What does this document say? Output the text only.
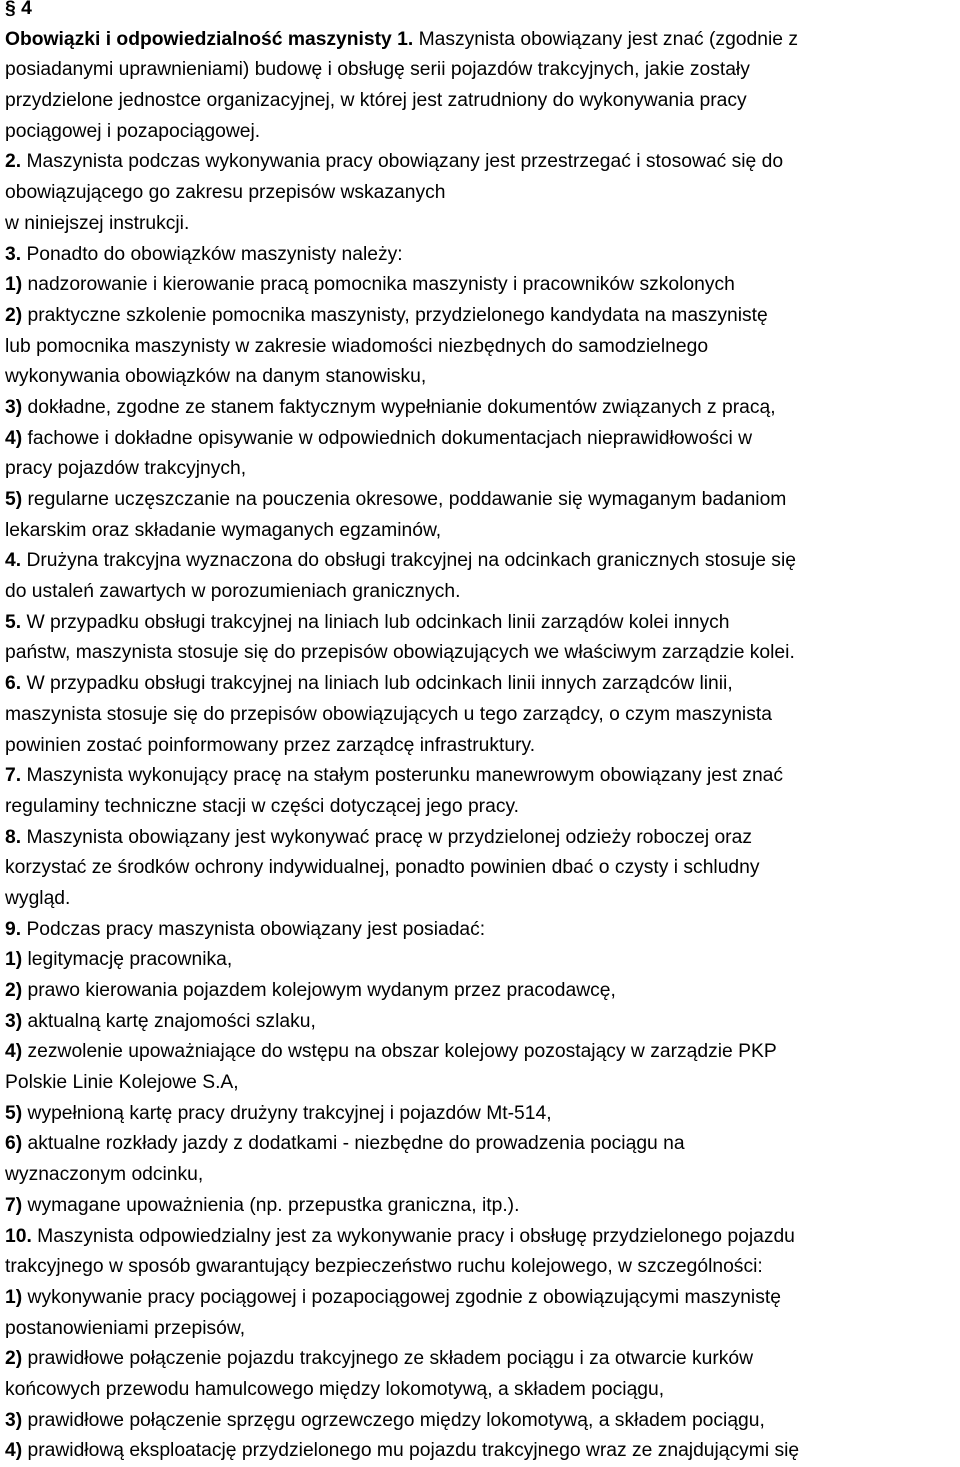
§ 4
Obowiązki i odpowiedzialność maszynisty 1. Maszynista obowiązany jest znać (zgodnie z
posiadanymi uprawnieniami) budowę i obsługę serii pojazdów trakcyjnych, jakie zostały
przydzielone jednostce organizacyjnej, w której jest zatrudniony do wykonywania pracy
pociągowej i pozapociągowej.
2. Maszynista podczas wykonywania pracy obowiązany jest przestrzegać i stosować się do
obowiązującego go zakresu przepisów wskazanych
w niniejszej instrukcji.
3. Ponadto do obowiązków maszynisty należy:
1) nadzorowanie i kierowanie pracą pomocnika maszynisty i pracowników szkolonych
2) praktyczne szkolenie pomocnika maszynisty, przydzielonego kandydata na maszynistę
lub pomocnika maszynisty w zakresie wiadomości niezbędnych do samodzielnego
wykonywania obowiązków na danym stanowisku,
3) dokładne, zgodne ze stanem faktycznym wypełnianie dokumentów związanych z pracą,
4) fachowe i dokładne opisywanie w odpowiednich dokumentacjach nieprawidłowości w
pracy pojazdów trakcyjnych,
5) regularne uczęszczanie na pouczenia okresowe, poddawanie się wymaganym badaniom
lekarskim oraz składanie wymaganych egzaminów,
4. Drużyna trakcyjna wyznaczona do obsługi trakcyjnej na odcinkach granicznych stosuje się
do ustaleń zawartych w porozumieniach granicznych.
5. W przypadku obsługi trakcyjnej na liniach lub odcinkach linii zarządów kolei innych
państw, maszynista stosuje się do przepisów obowiązujących we właściwym zarządzie kolei.
6. W przypadku obsługi trakcyjnej na liniach lub odcinkach linii innych zarządców linii,
maszynista stosuje się do przepisów obowiązujących u tego zarządcy, o czym maszynista
powinien zostać poinformowany przez zarządcę infrastruktury.
7. Maszynista wykonujący pracę na stałym posterunku manewrowym obowiązany jest znać
regulaminy techniczne stacji w części dotyczącej jego pracy.
8. Maszynista obowiązany jest wykonywać pracę w przydzielonej odzieży roboczej oraz
korzystać ze środków ochrony indywidualnej, ponadto powinien dbać o czysty i schludny
wygląd.
9. Podczas pracy maszynista obowiązany jest posiadać:
1) legitymację pracownika,
2) prawo kierowania pojazdem kolejowym wydanym przez pracodawcę,
3) aktualną kartę znajomości szlaku,
4) zezwolenie upoważniające do wstępu na obszar kolejowy pozostający w zarządzie PKP
Polskie Linie Kolejowe S.A,
5) wypełnioną kartę pracy drużyny trakcyjnej i pojazdów Mt-514,
6) aktualne rozkłady jazdy z dodatkami - niezbędne do prowadzenia pociągu na
wyznaczonym odcinku,
7) wymagane upoważnienia (np. przepustka graniczna, itp.).
10. Maszynista odpowiedzialny jest za wykonywanie pracy i obsługę przydzielonego pojazdu
trakcyjnego w sposób gwarantujący bezpieczeństwo ruchu kolejowego, w szczególności:
1) wykonywanie pracy pociągowej i pozapociągowej zgodnie z obowiązującymi maszynistę
postanowieniami przepisów,
2) prawidłowe połączenie pojazdu trakcyjnego ze składem pociągu i za otwarcie kurków
końcowych przewodu hamulcowego między lokomotywą, a składem pociągu,
3) prawidłowe połączenie sprzęgu ogrzewczego między lokomotywą, a składem pociągu,
4) prawidłową eksploatację przydzielonego mu pojazdu trakcyjnego wraz ze znajdującymi się
